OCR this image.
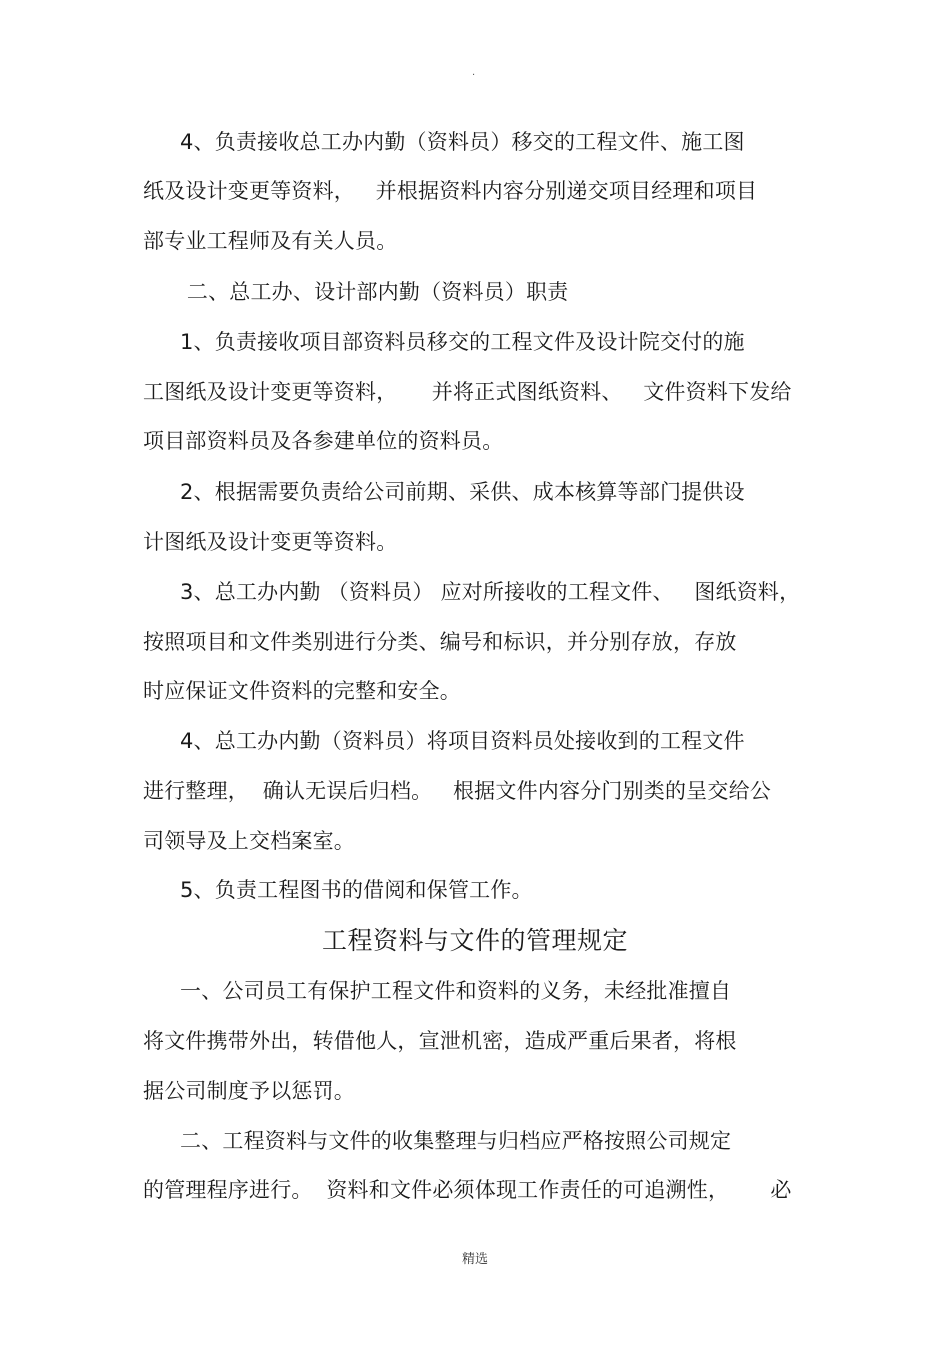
·
4、负责接收总工办内勤（资料员）移交的工程文件、施工图
纸及设计变更等资料，   并根据资料内容分别递交项目经理和项目
部专业工程师及有关人员。
二、总工办、设计部内勤（资料员）职责
1、负责接收项目部资料员移交的工程文件及设计院交付的施
工图纸及设计变更等资料，     并将正式图纸资料、   文件资料下发给
项目部资料员及各参建单位的资料员。
2、根据需要负责给公司前期、采供、成本核算等部门提供设
计图纸及设计变更等资料。
3、总工办内勤 （资料员） 应对所接收的工程文件、   图纸资料，
按照项目和文件类别进行分类、编号和标识，并分别存放，存放
时应保证文件资料的完整和安全。
4、总工办内勤（资料员）将项目资料员处接收到的工程文件
进行整理，  确认无误后归档。   根据文件内容分门别类的呈交给公
司领导及上交档案室。
5、负责工程图书的借阅和保管工作。
工程资料与文件的管理规定
一、公司员工有保护工程文件和资料的义务，未经批准擅自
将文件携带外出，转借他人，宣泄机密，造成严重后果者，将根
据公司制度予以惩罚。
二、工程资料与文件的收集整理与归档应严格按照公司规定
的管理程序进行。  资料和文件必须体现工作责任的可追溯性，      必
精选
